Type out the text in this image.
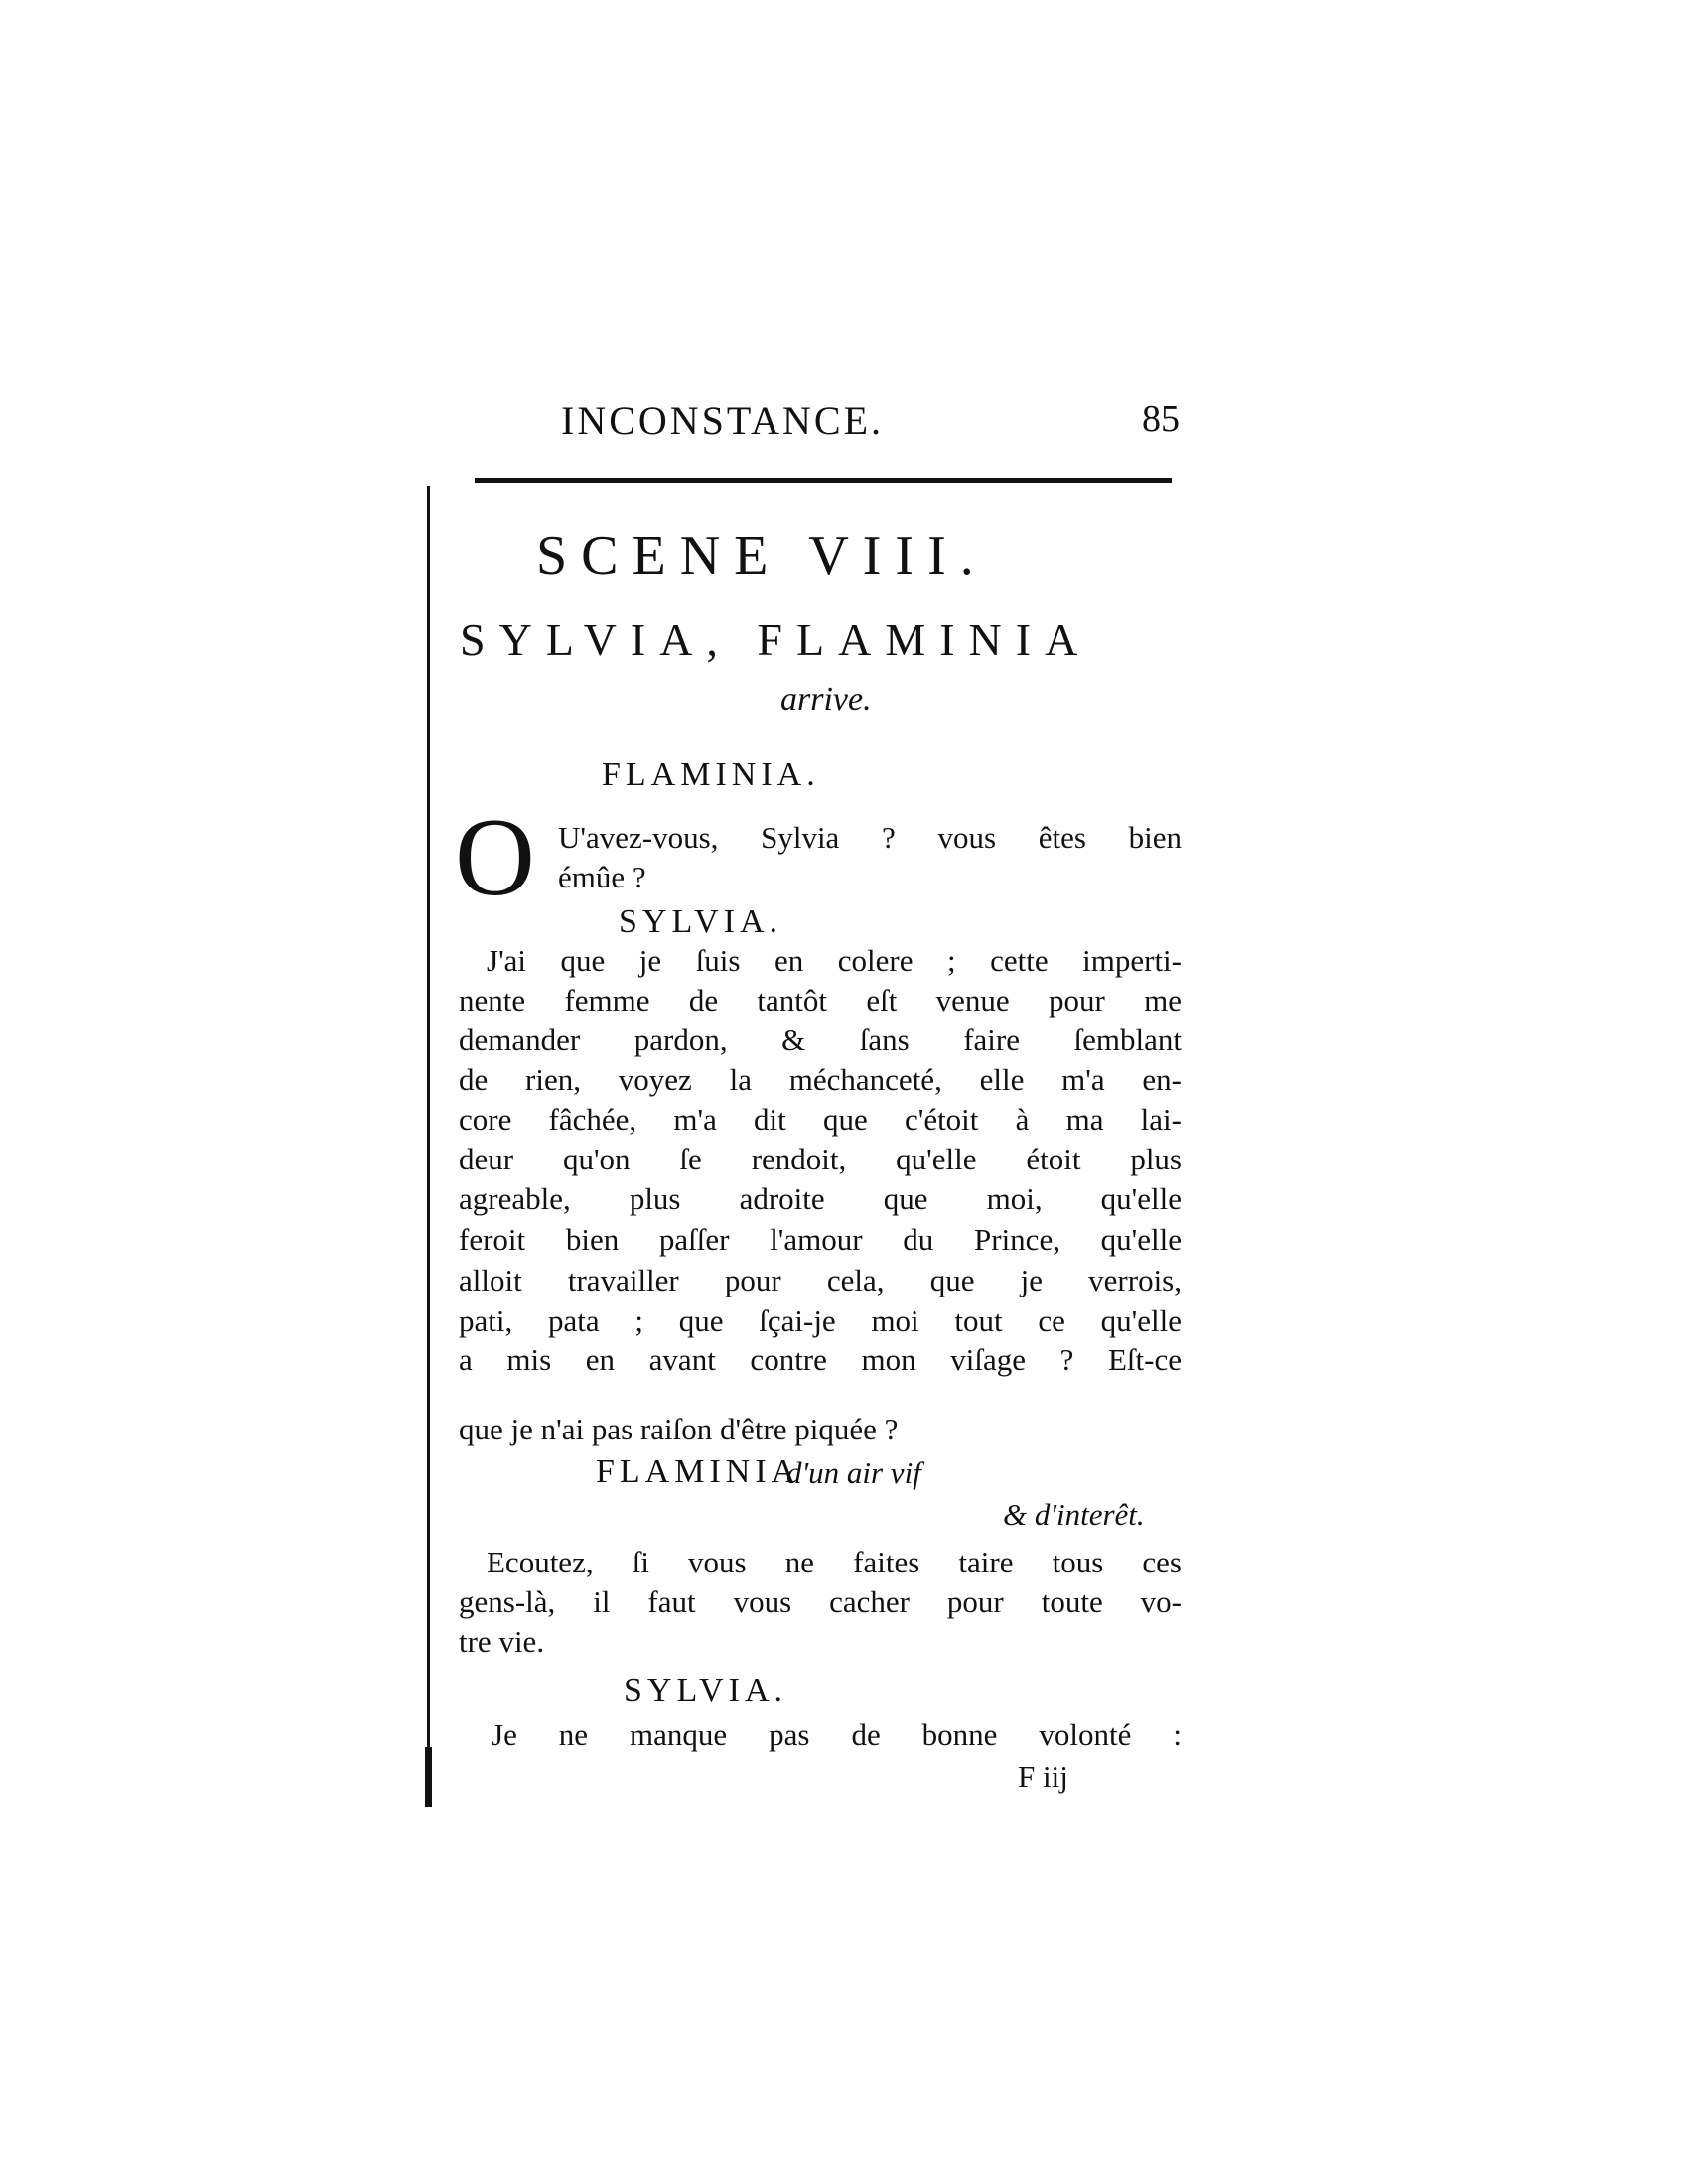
INCONSTANCE.	85
SCENE VIII.
SYLVIA, FLAMINIA
arrive.
FLAMINIA.
O U'avez-vous, Sylvia ? vous êtes bien
émûe ?
SYLVIA.
J'ai que je ſuis en colere ; cette imperti-
nente femme de tantôt eſt venue pour me
demander pardon, & ſans faire ſemblant
de rien, voyez la méchanceté, elle m'a en-
core fâchée, m'a dit que c'étoit à ma lai-
deur qu'on ſe rendoit, qu'elle étoit plus
agreable, plus adroite que moi, qu'elle
feroit bien paſſer l'amour du Prince, qu'elle
alloit travailler pour cela, que je verrois,
pati, pata ; que ſçai-je moi tout ce qu'elle
a mis en avant contre mon viſage ? Eſt-ce
que je n'ai pas raiſon d'être piquée ?
FLAMINIA
d'un air vif
& d'interêt.
Ecoutez, ſi vous ne faites taire tous ces
gens-là, il faut vous cacher pour toute vo-
tre vie.
SYLVIA.
Je ne manque pas de bonne volonté :
F iij
